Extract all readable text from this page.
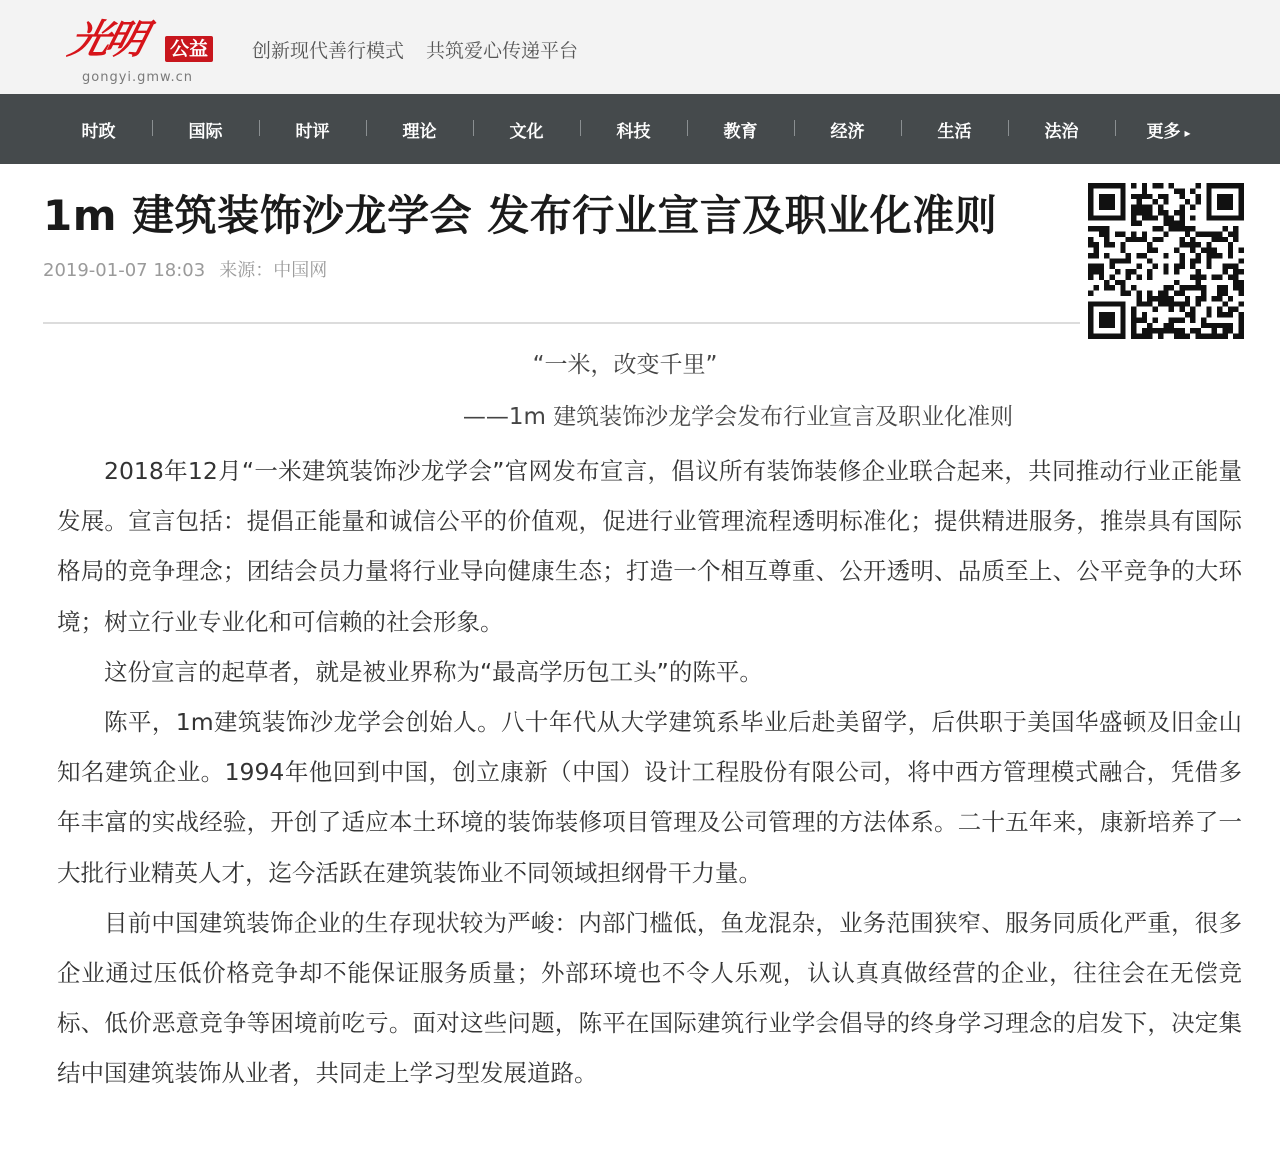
光明 公益
gongyi.gmw.cn
创新现代善行模式 共筑爱心传递平台
时政	国际	时评	理论	文化	科技	教育	经济	生活	法治	更多 ▸
1m 建筑装饰沙龙学会 发布行业宣言及职业化准则
2019-01-07 18:03 来源：中国网
“一米，改变千里”
——1m 建筑装饰沙龙学会发布行业宣言及职业化准则

2018年12月“一米建筑装饰沙龙学会”官网发布宣言，倡议所有装饰装修企业联合起来，共同推动行业正能量发展。宣言包括：提倡正能量和诚信公平的价值观，促进行业管理流程透明标准化；提供精进服务，推崇具有国际格局的竞争理念；团结会员力量将行业导向健康生态；打造一个相互尊重、公开透明、品质至上、公平竞争的大环境；树立行业专业化和可信赖的社会形象。

这份宣言的起草者，就是被业界称为“最高学历包工头”的陈平。

陈平，1m建筑装饰沙龙学会创始人。八十年代从大学建筑系毕业后赴美留学，后供职于美国华盛顿及旧金山知名建筑企业。1994年他回到中国，创立康新（中国）设计工程股份有限公司，将中西方管理模式融合，凭借多年丰富的实战经验，开创了适应本土环境的装饰装修项目管理及公司管理的方法体系。二十五年来，康新培养了一大批行业精英人才，迄今活跃在建筑装饰业不同领域担纲骨干力量。

目前中国建筑装饰企业的生存现状较为严峻：内部门槛低，鱼龙混杂，业务范围狭窄、服务同质化严重，很多企业通过压低价格竞争却不能保证服务质量；外部环境也不令人乐观，认认真真做经营的企业，往往会在无偿竞标、低价恶意竞争等困境前吃亏。面对这些问题，陈平在国际建筑行业学会倡导的终身学习理念的启发下，决定集结中国建筑装饰从业者，共同走上学习型发展道路。
